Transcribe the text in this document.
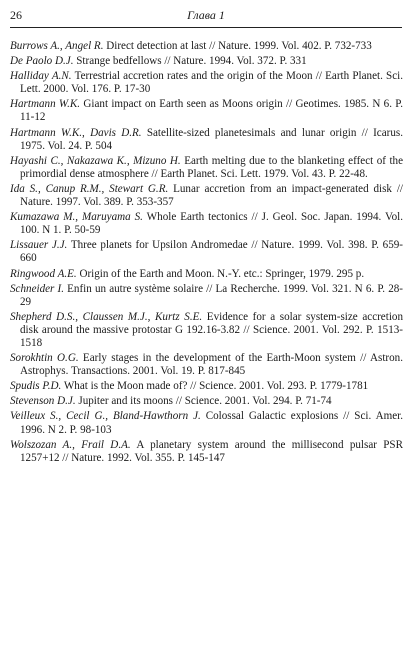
26	Глава 1

Burrows A., Angel R. Direct detection at last // Nature. 1999. Vol. 402. P. 732-733

De Paolo D.J. Strange bedfellows // Nature. 1994. Vol. 372. P. 331

Halliday A.N. Terrestrial accretion rates and the origin of the Moon // Earth Planet. Sci. Lett. 2000. Vol. 176. P. 17-30

Hartmann W.K. Giant impact on Earth seen as Moons origin // Geotimes. 1985. N 6. P. 11-12

Hartmann W.K., Davis D.R. Satellite-sized planetesimals and lunar origin // Icarus. 1975. Vol. 24. P. 504

Hayashi C., Nakazawa K., Mizuno H. Earth melting due to the blanketing effect of the primordial dense atmosphere // Earth Planet. Sci. Lett. 1979. Vol. 43. P. 22-48.

Ida S., Canup R.M., Stewart G.R. Lunar accretion from an impact-generated disk // Nature. 1997. Vol. 389. P. 353-357

Kumazawa M., Maruyama S. Whole Earth tectonics // J. Geol. Soc. Japan. 1994. Vol. 100. N 1. P. 50-59

Lissauer J.J. Three planets for Upsilon Andromedae // Nature. 1999. Vol. 398. P. 659-660

Ringwood A.E. Origin of the Earth and Moon. N.-Y. etc.: Springer, 1979. 295 p.

Schneider I. Enfin un autre système solaire // La Recherche. 1999. Vol. 321. N 6. P. 28-29

Shepherd D.S., Claussen M.J., Kurtz S.E. Evidence for a solar system-size accretion disk around the massive protostar G 192.16-3.82 // Science. 2001. Vol. 292. P. 1513-1518

Sorokhtin O.G. Early stages in the development of the Earth-Moon system // Astron. Astrophys. Transactions. 2001. Vol. 19. P. 817-845

Spudis P.D. What is the Moon made of? // Science. 2001. Vol. 293. P. 1779-1781

Stevenson D.J. Jupiter and its moons // Science. 2001. Vol. 294. P. 71-74

Veilleux S., Cecil G., Bland-Hawthorn J. Colossal Galactic explosions // Sci. Amer. 1996. N 2. P. 98-103

Wolszozan A., Frail D.A. A planetary system around the millisecond pulsar PSR 1257+12 // Nature. 1992. Vol. 355. P. 145-147
